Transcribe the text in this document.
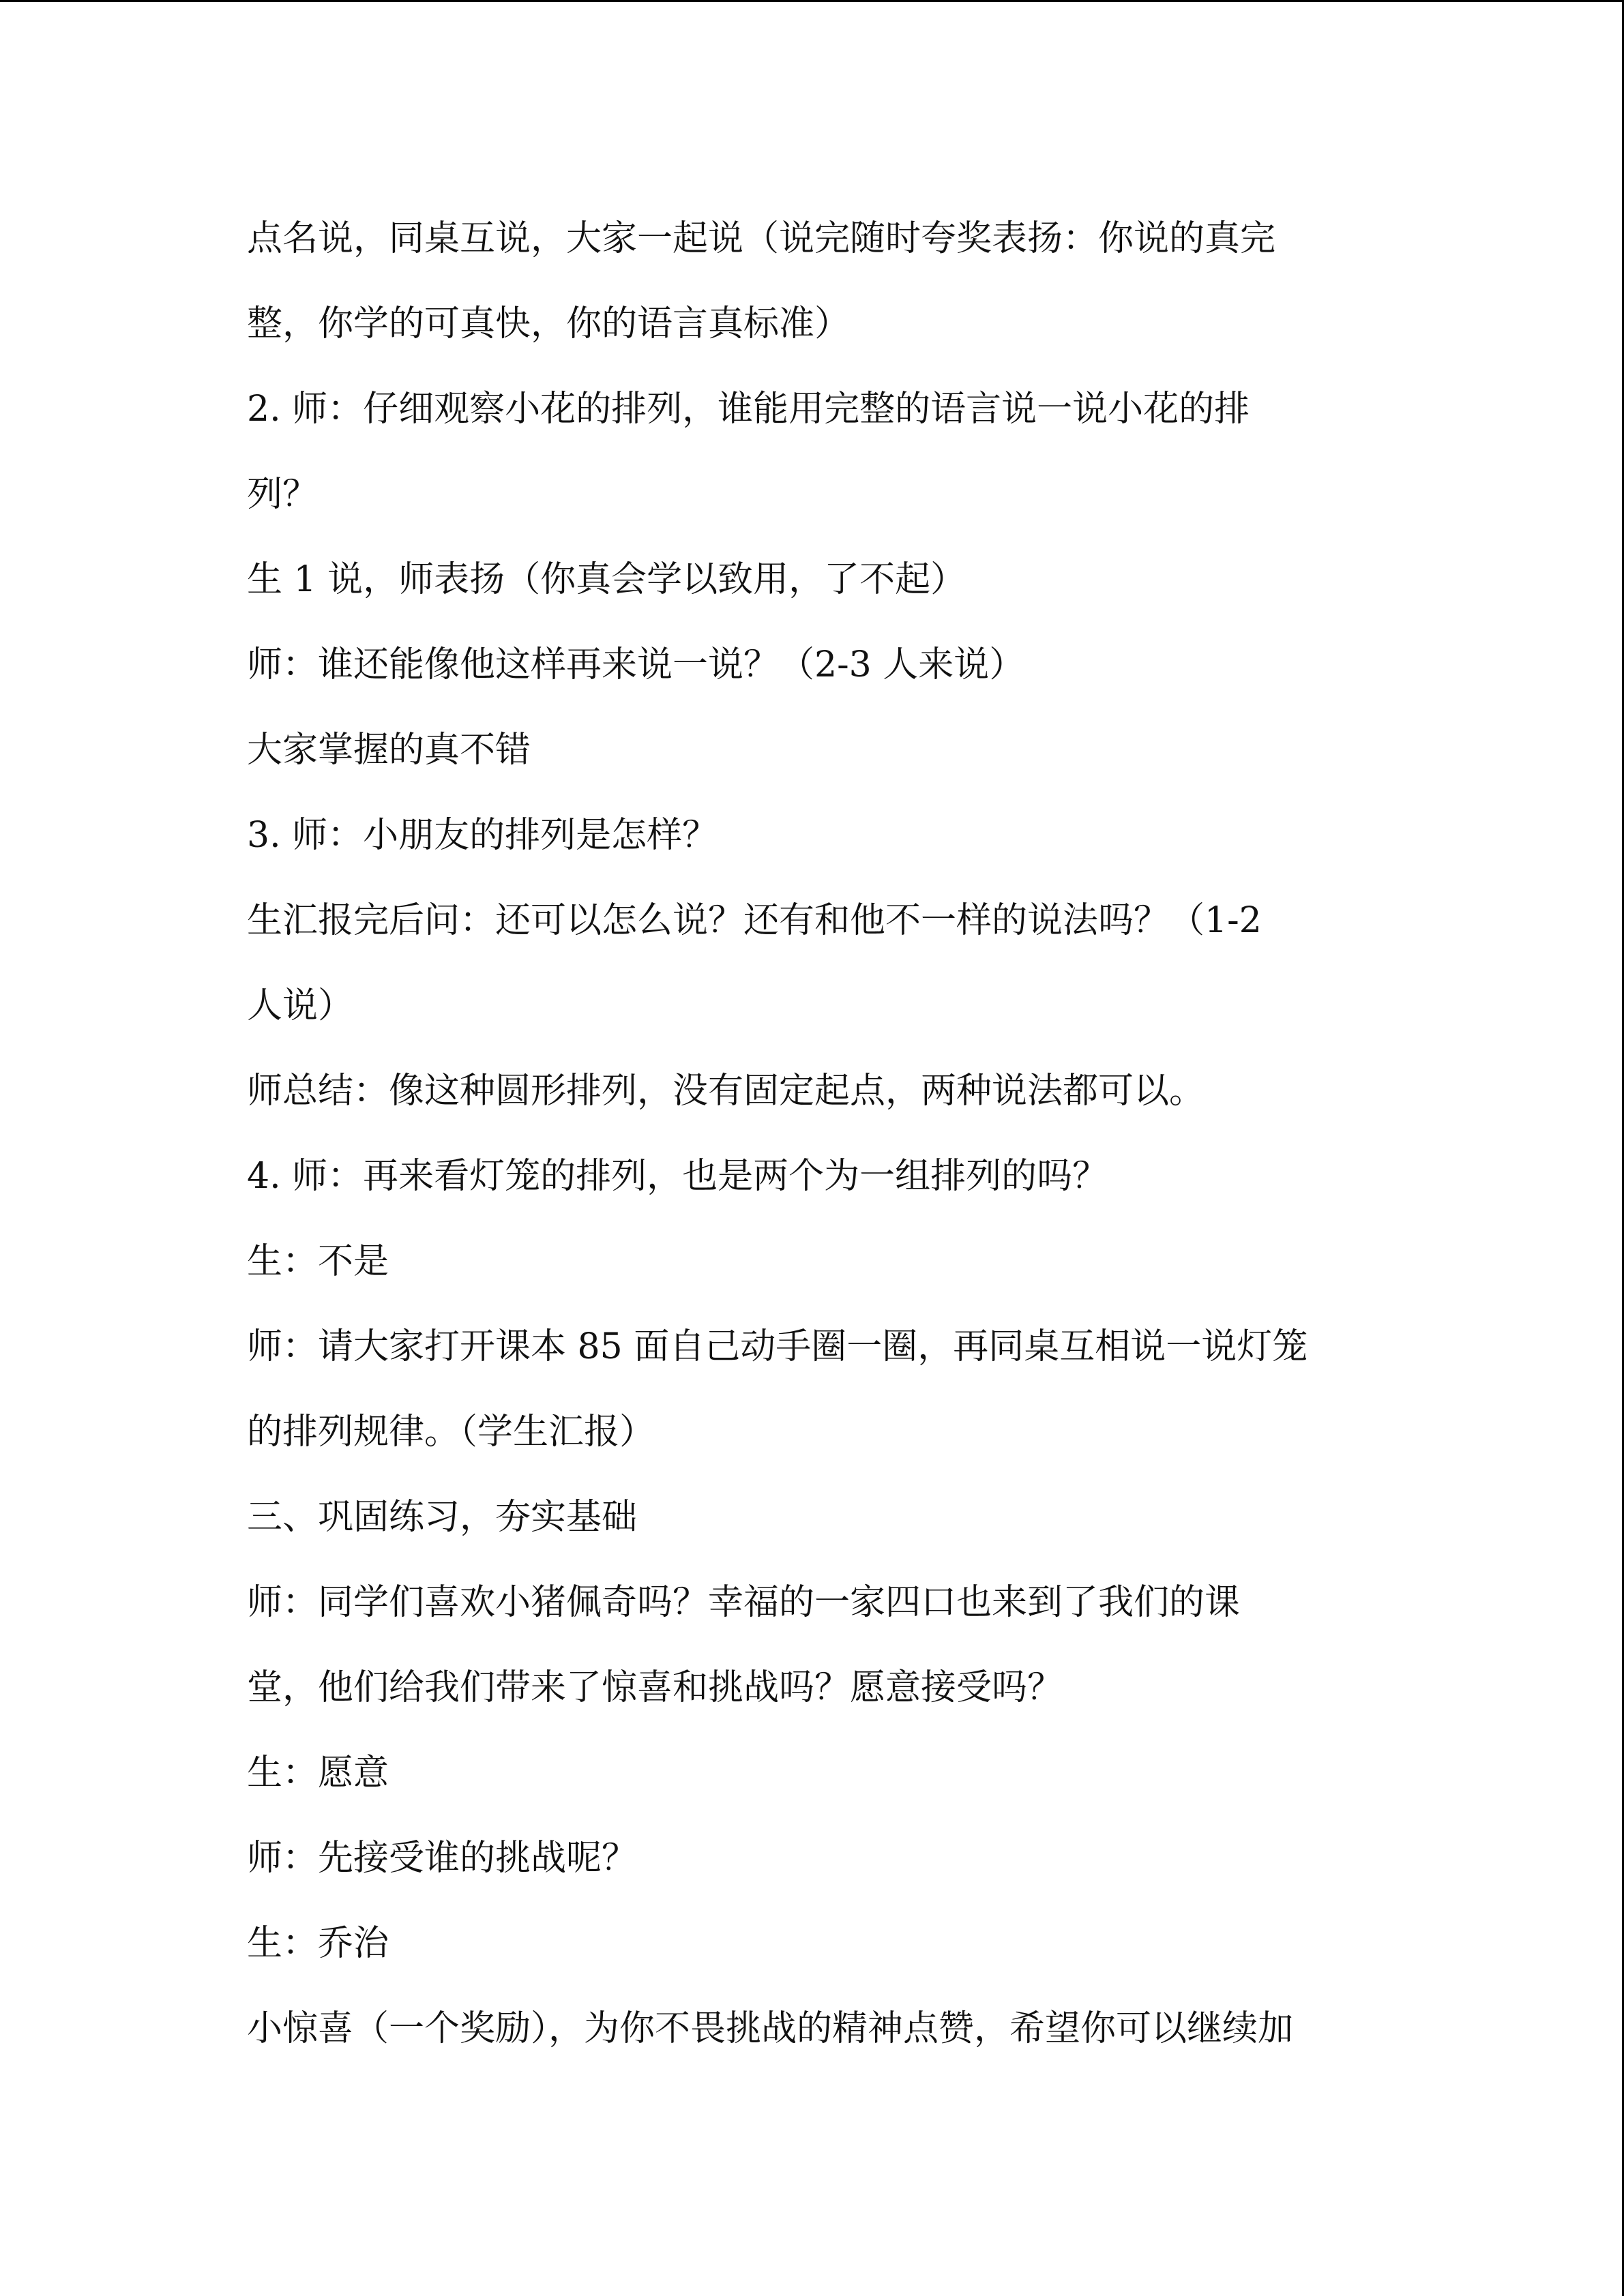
点名说，同桌互说，大家一起说（说完随时夸奖表扬：你说的真完
整，你学的可真快，你的语言真标准）
2. 师：仔细观察小花的排列，谁能用完整的语言说一说小花的排
列？
生 1 说，师表扬（你真会学以致用，了不起）
师：谁还能像他这样再来说一说？（2-3 人来说）
大家掌握的真不错
3. 师：小朋友的排列是怎样？
生汇报完后问：还可以怎么说？还有和他不一样的说法吗？（1-2
人说）
师总结：像这种圆形排列，没有固定起点，两种说法都可以。
4. 师：再来看灯笼的排列，也是两个为一组排列的吗？
生：不是
师：请大家打开课本 85 面自己动手圈一圈，再同桌互相说一说灯笼
的排列规律。（学生汇报）
三、巩固练习，夯实基础
师：同学们喜欢小猪佩奇吗？幸福的一家四口也来到了我们的课
堂，他们给我们带来了惊喜和挑战吗？愿意接受吗？
生：愿意
师：先接受谁的挑战呢？
生：乔治
小惊喜（一个奖励），为你不畏挑战的精神点赞，希望你可以继续加
